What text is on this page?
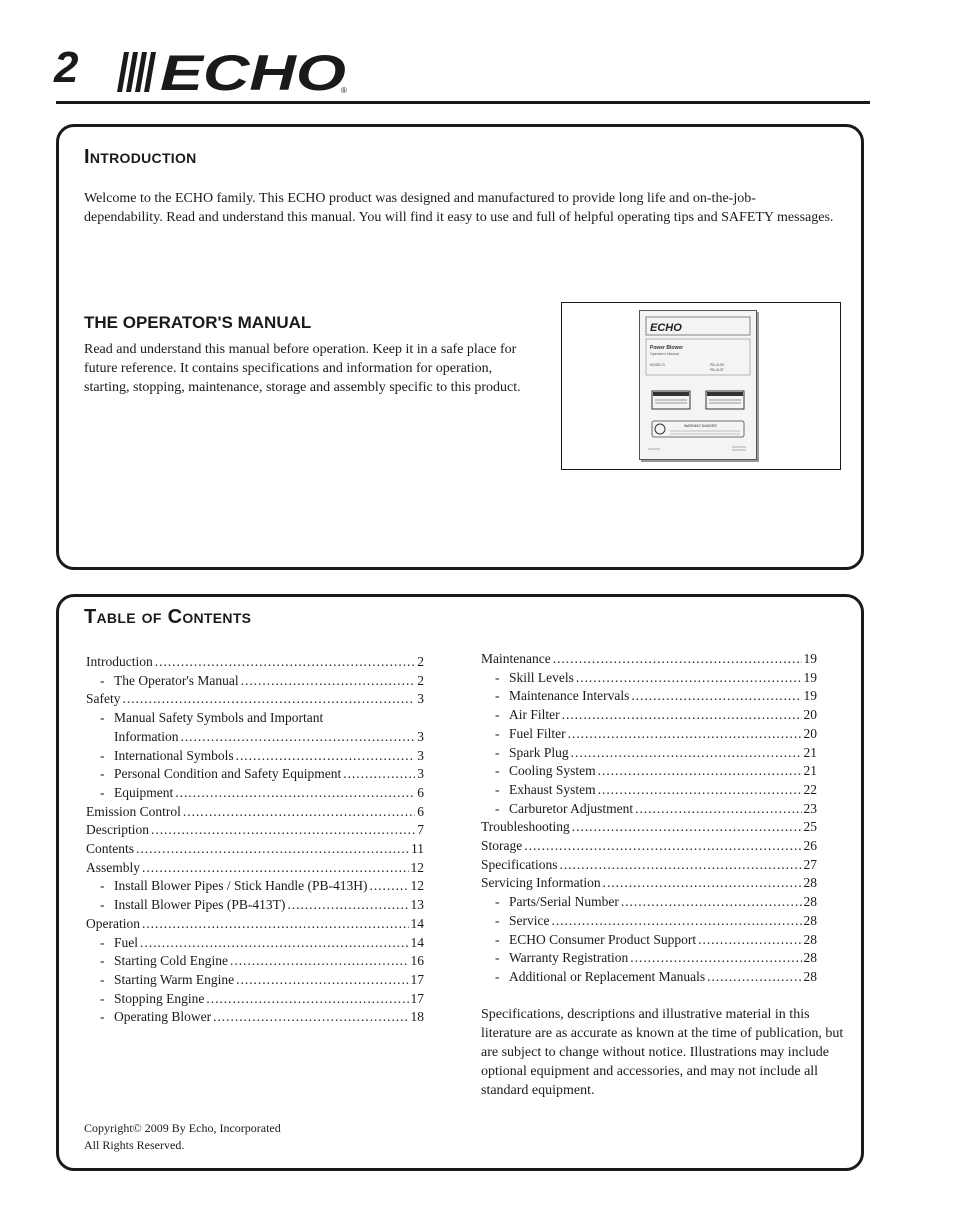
2 ECHO
®
Introduction
Welcome to the ECHO family. This ECHO product was designed and manufactured to provide long life and on-the-job-dependability. Read and understand this manual. You will find it easy to use and full of helpful operating tips and SAFETY messages.
THE OPERATOR'S MANUAL
Read and understand this manual before operation. Keep it in a safe place for future reference. It contains specifications and information for operation, starting, stopping, maintenance, storage and assembly specific to this product.
ECHO
Power Blower
Operator's Manual
MODELS	PB-413H
PB-413T
WARNING DANGER
Table of Contents
Introduction . . .	2
- The Operator's Manual . . .	2
Safety . . .	3
- Manual Safety Symbols and Important
Information . . .	3
- International Symbols . . .	3
- Personal Condition and Safety Equipment . . .	3
- Equipment . . .	6
Emission Control . . .	6
Description . . .	7
Contents . . .	11
Assembly . . .	12
- Install Blower Pipes / Stick Handle (PB-413H) . . .	12
- Install Blower Pipes (PB-413T) . . .	13
Operation . . .	14
- Fuel . . .	14
- Starting Cold Engine . . .	16
- Starting Warm Engine . . .	17
- Stopping Engine . . .	17
- Operating Blower . . .	18
Maintenance . . .	19
- Skill Levels . . .	19
- Maintenance Intervals . . .	19
- Air Filter . . .	20
- Fuel Filter . . .	20
- Spark Plug . . .	21
- Cooling System . . .	21
- Exhaust System . . .	22
- Carburetor Adjustment . . .	23
Troubleshooting . . .	25
Storage . . .	26
Specifications . . .	27
Servicing Information . . .	28
- Parts/Serial Number . . .	28
- Service . . .	28
- ECHO Consumer Product Support . . .	28
- Warranty Registration . . .	28
- Additional or Replacement Manuals . . .	28
Specifications, descriptions and illustrative material in this literature are as accurate as known at the time of publication, but are subject to change without notice. Illustrations may include optional equipment and accessories, and may not include all standard equipment.
Copyright© 2009 By Echo, Incorporated
All Rights Reserved.
